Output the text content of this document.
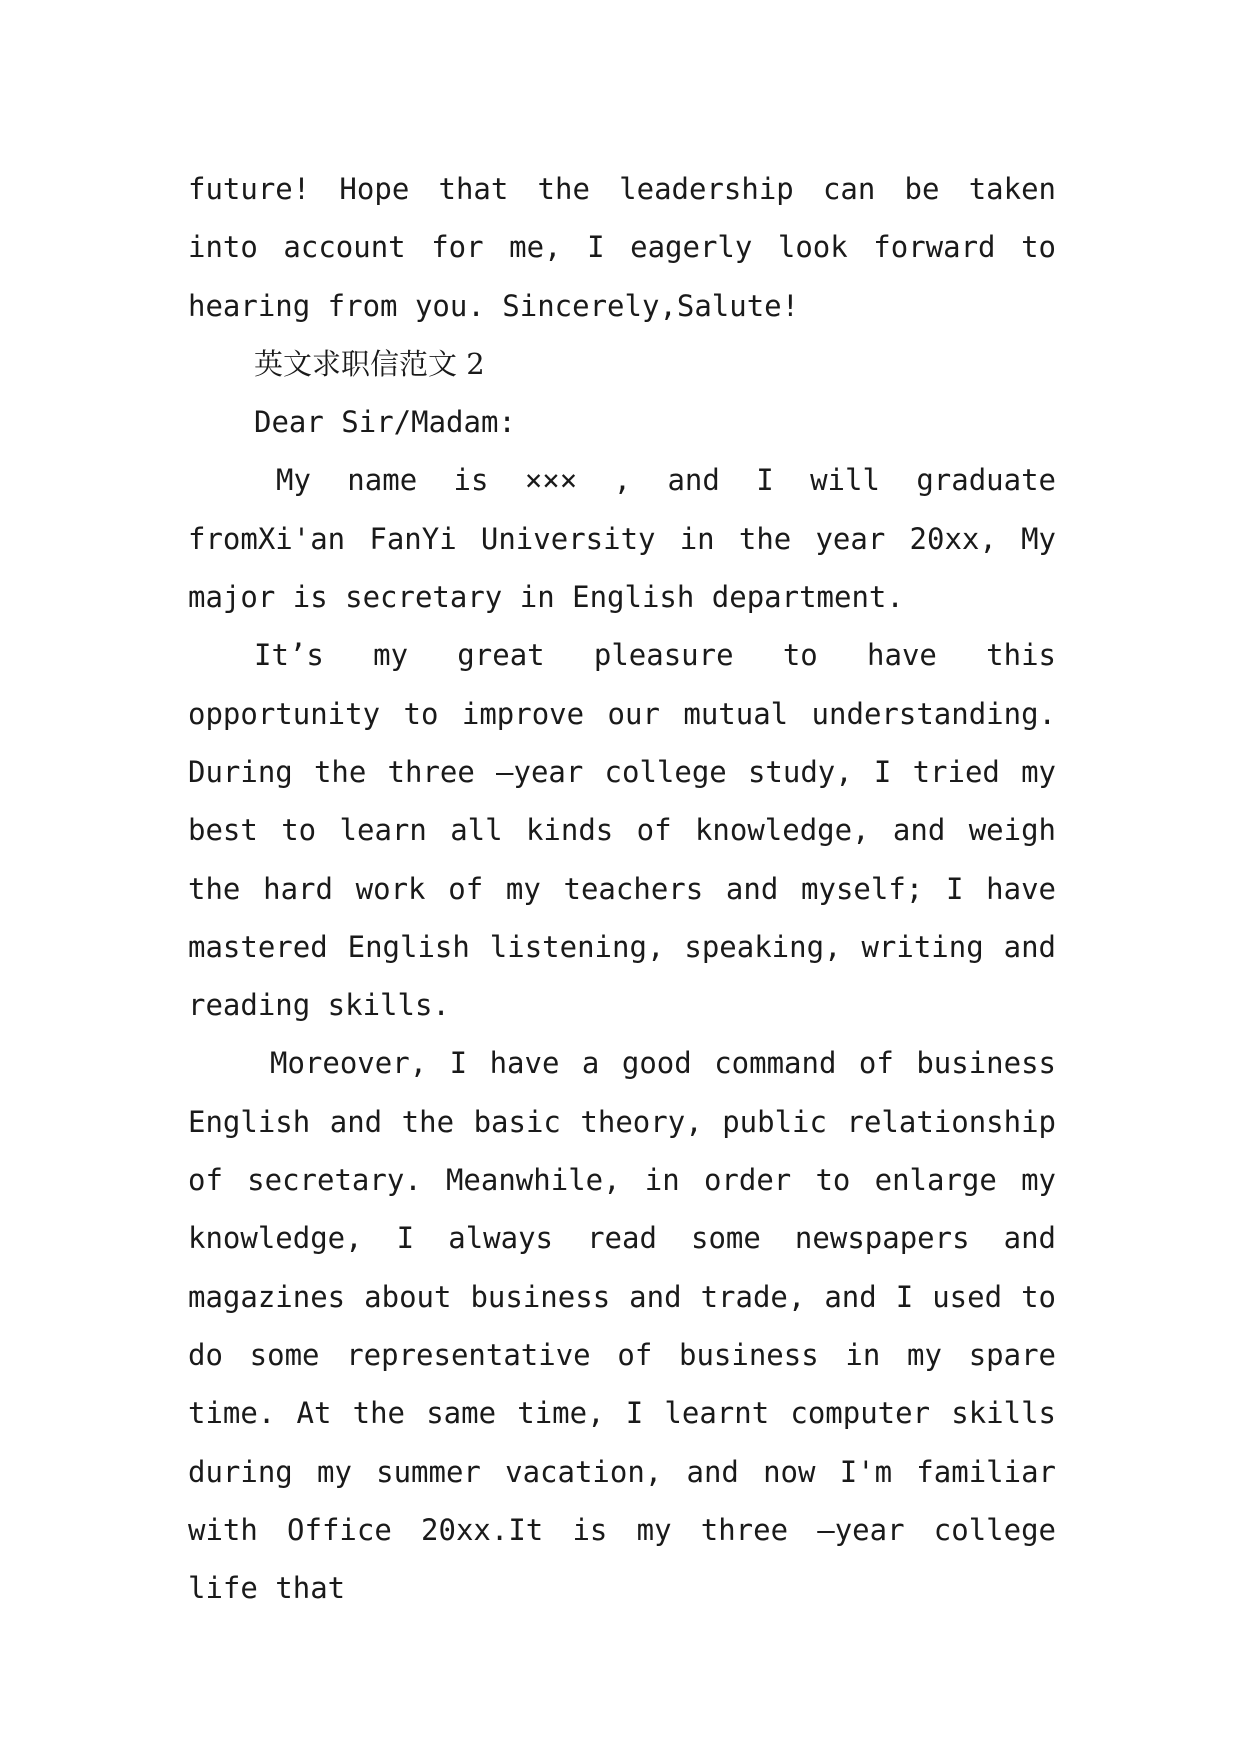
future! Hope that the leadership can be taken into account for me, I eagerly look forward to hearing from you. Sincerely,Salute!

英文求职信范文 2

Dear Sir/Madam:

My name is ××× , and I will graduate fromXi'an FanYi University in the year 20xx, My major is secretary in English department.

It’s my great pleasure to have this opportunity to improve our mutual understanding. During the three –year college study, I tried my best to learn all kinds of knowledge, and weigh the hard work of my teachers and myself; I have mastered English listening, speaking, writing and reading skills.

Moreover, I have a good command of business English and the basic theory, public relationship of secretary. Meanwhile, in order to enlarge my knowledge, I always read some newspapers and magazines about business and trade, and I used to do some representative of business in my spare time. At the same time, I learnt computer skills during my summer vacation, and now I'm familiar with Office 20xx.It is my three –year college life that
